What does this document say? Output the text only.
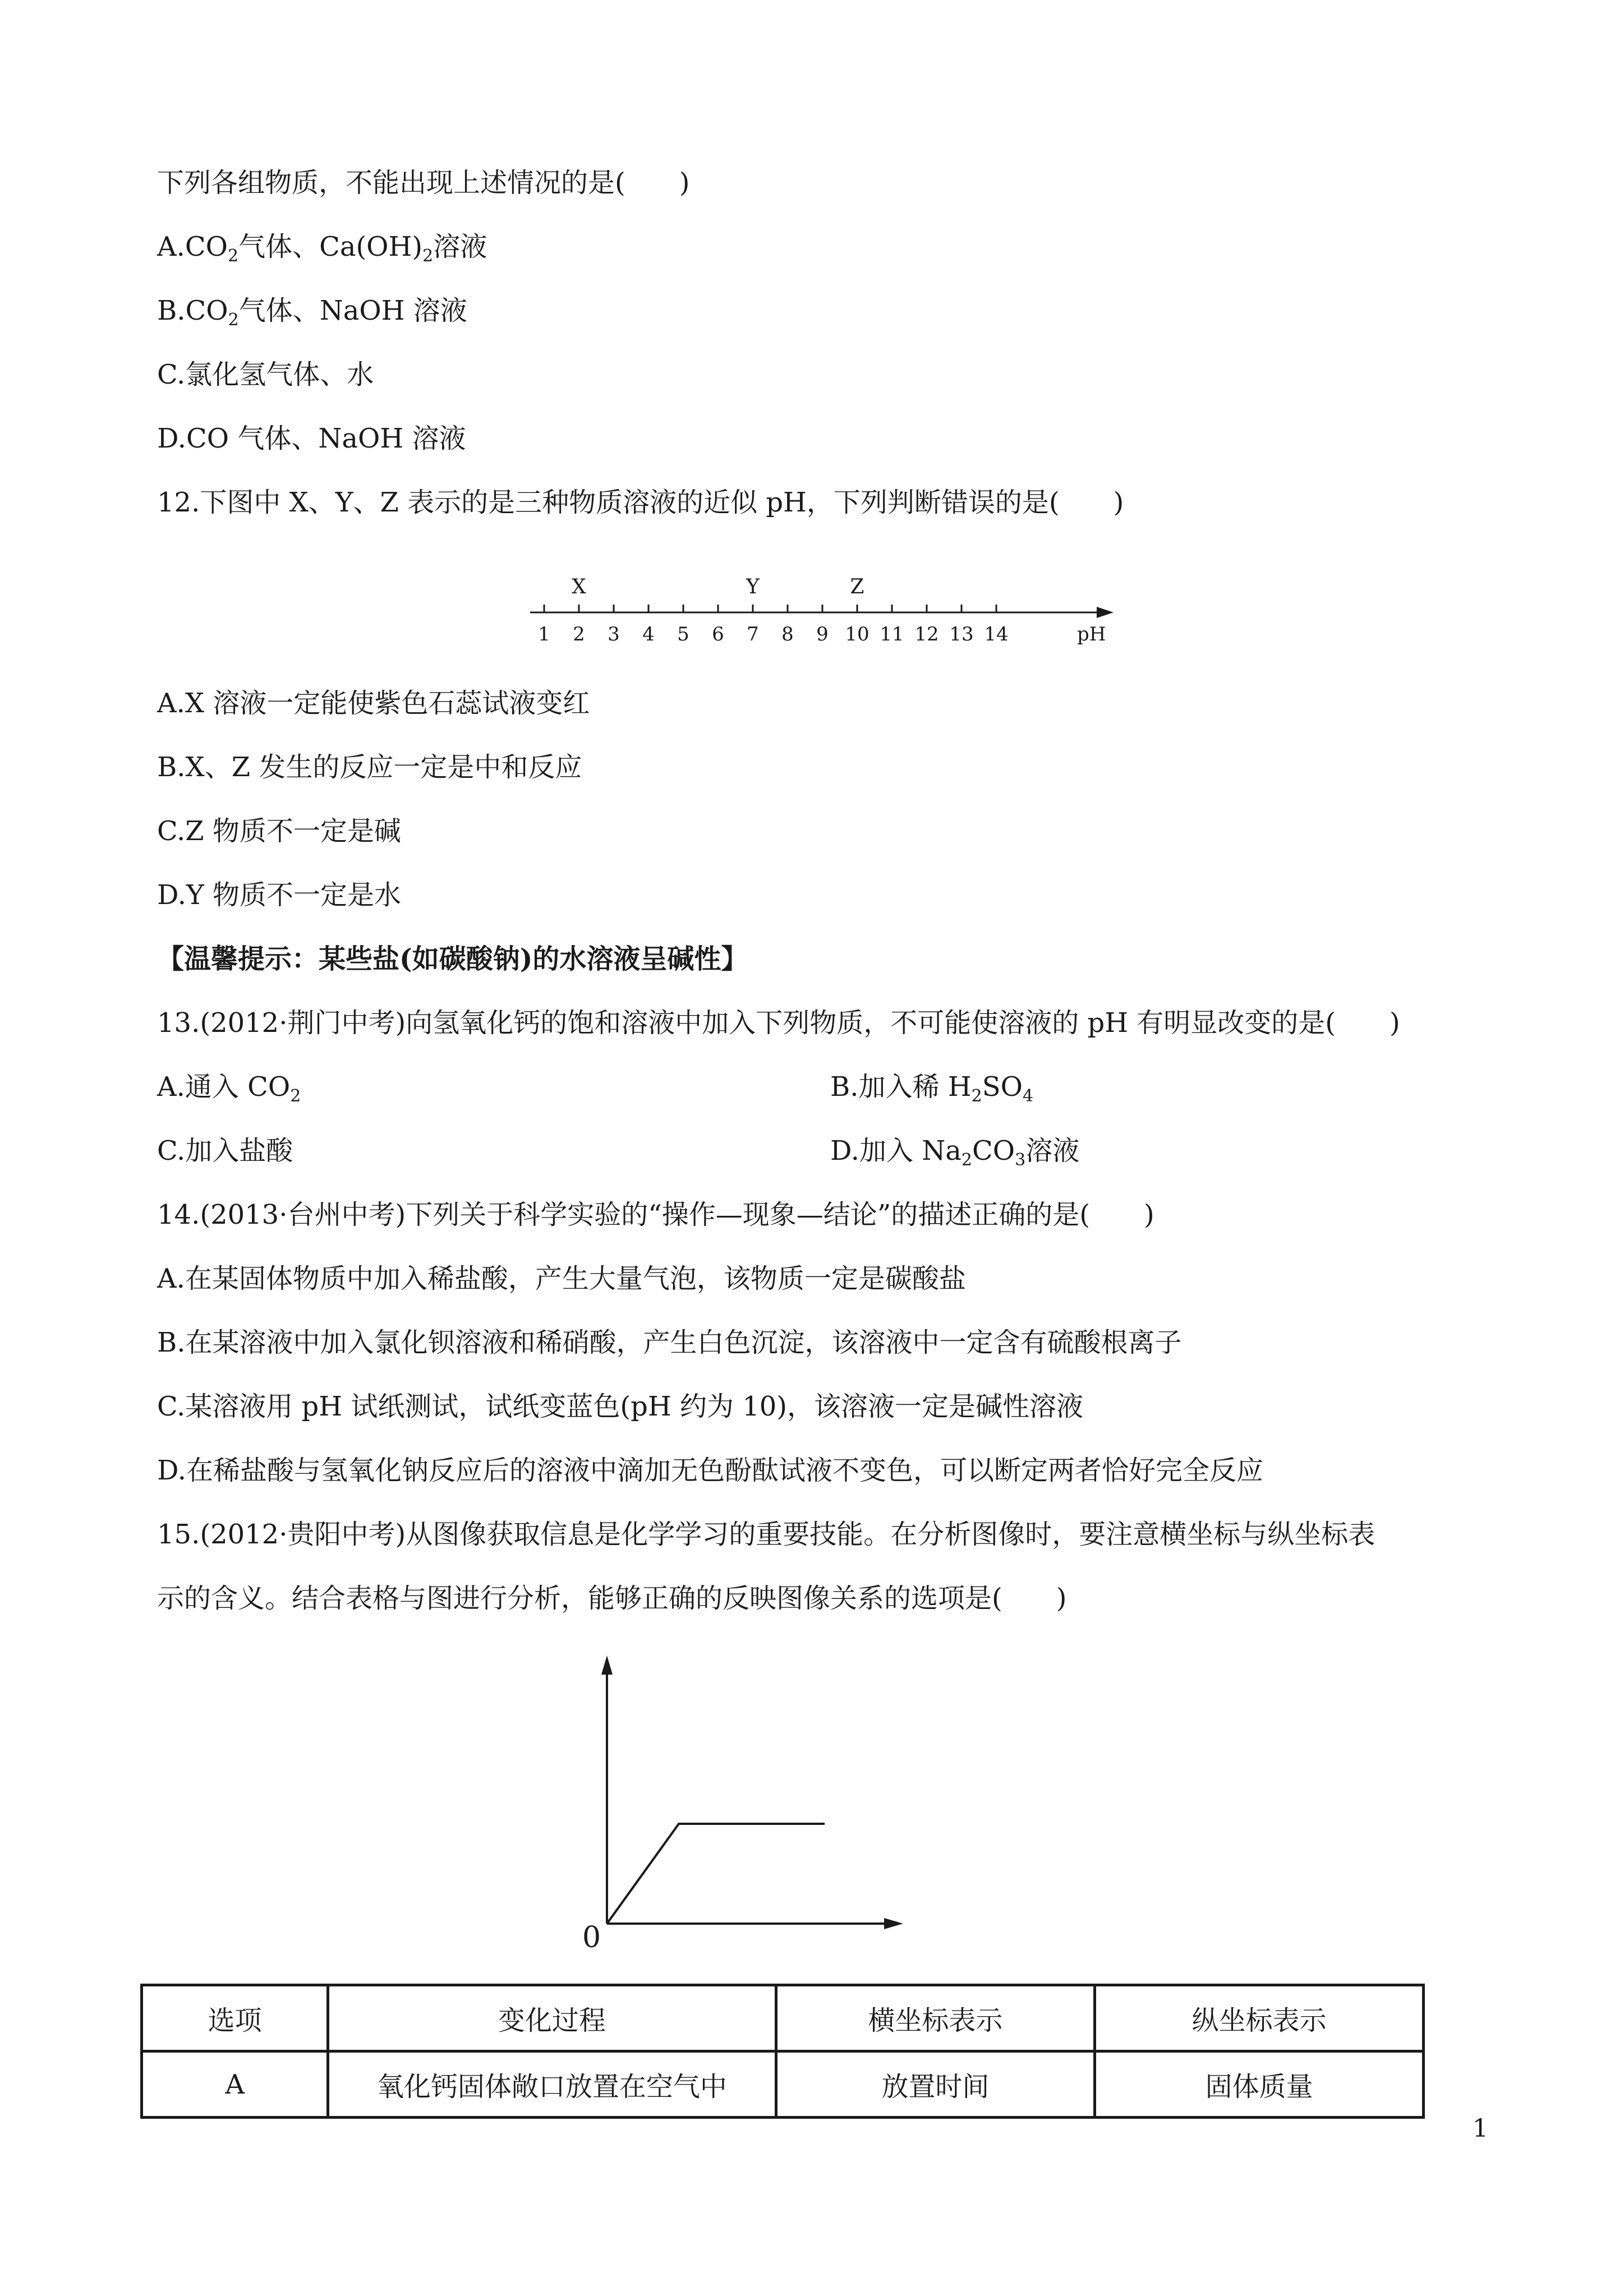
下列各组物质，不能出现上述情况的是(　　)

$A.CO_2$气体、$Ca(OH)_2$溶液

$B.CO_2$气体、NaOH 溶液

C.氯化氢气体、水

D.CO 气体、NaOH 溶液

12.下图中 X、Y、Z 表示的是三种物质溶液的近似 pH，下列判断错误的是(　　)

1 2 3 4 5 6 7 8 9 10 11 12 13 14
X	Y	Z
pH

A.X 溶液一定能使紫色石蕊试液变红

B.X、Z 发生的反应一定是中和反应

C.Z 物质不一定是碱

D.Y 物质不一定是水

【温馨提示：某些盐(如碳酸钠)的水溶液呈碱性】

13.(2012·荆门中考)向氢氧化钙的饱和溶液中加入下列物质，不可能使溶液的 pH 有明显改变的是(　　)

A.通入 $CO_2$	B.加入稀 $H_2SO_4$

C.加入盐酸	D.加入 $Na_2CO_3$溶液

14.(2013·台州中考)下列关于科学实验的“操作—现象—结论”的描述正确的是(　　)

A.在某固体物质中加入稀盐酸，产生大量气泡，该物质一定是碳酸盐

B.在某溶液中加入氯化钡溶液和稀硝酸，产生白色沉淀，该溶液中一定含有硫酸根离子

C.某溶液用 pH 试纸测试，试纸变蓝色(pH 约为 10)，该溶液一定是碱性溶液

D.在稀盐酸与氢氧化钠反应后的溶液中滴加无色酚酞试液不变色，可以断定两者恰好完全反应

15.(2012·贵阳中考)从图像获取信息是化学学习的重要技能。在分析图像时，要注意横坐标与纵坐标表

示的含义。结合表格与图进行分析，能够正确的反映图像关系的选项是(　　)

0
选项	变化过程	横坐标表示	纵坐标表示
A	氧化钙固体敞口放置在空气中	放置时间	固体质量
1
